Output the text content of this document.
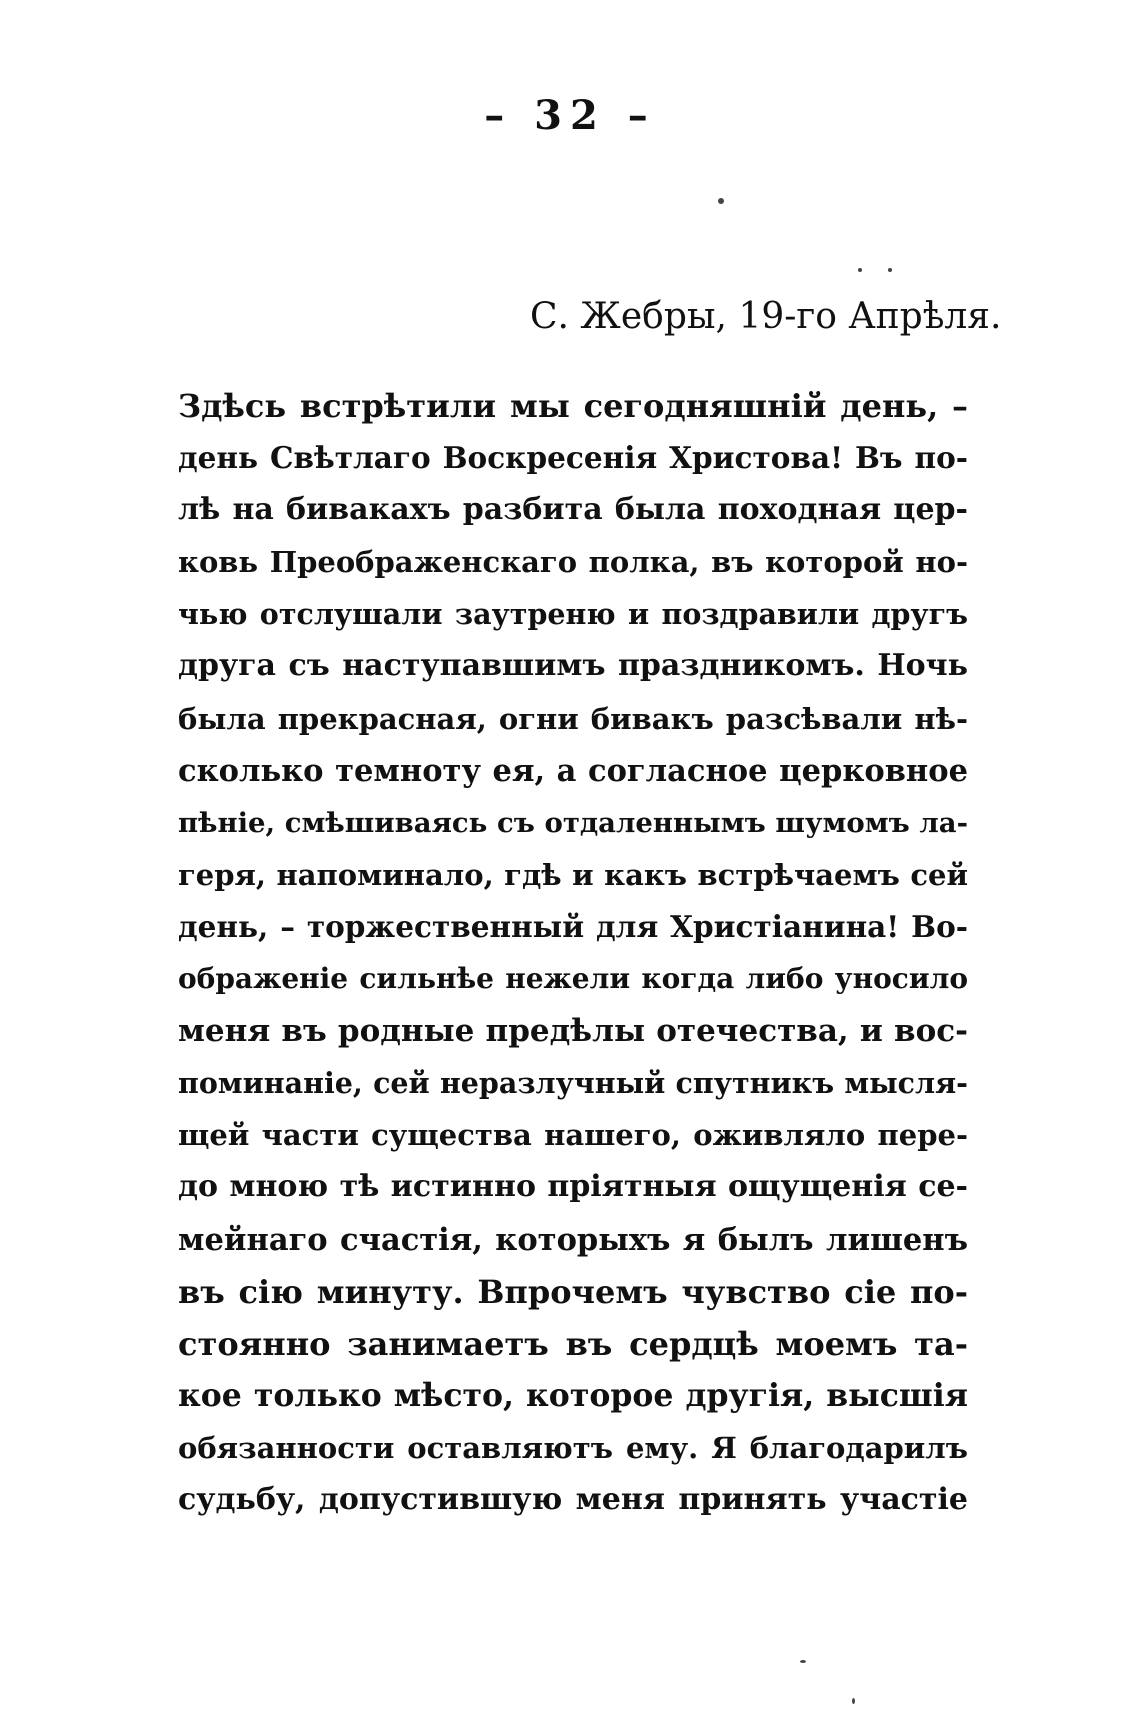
– 32 –
С. Жебры, 19-го Апрѣля.
Здѣсь встрѣтили мы сегодняшній день, –
день Свѣтлаго Воскресенія Христова! Въ по-
лѣ на бивакахъ разбита была походная цер-
ковь Преображенскаго полка, въ которой но-
чью отслушали заутреню и поздравили другъ
друга съ наступавшимъ праздникомъ. Ночь
была прекрасная, огни бивакъ разсѣвали нѣ-
сколько темноту ея, а согласное церковное
пѣніе, смѣшиваясь съ отдаленнымъ шумомъ ла-
геря, напоминало, гдѣ и какъ встрѣчаемъ сей
день, – торжественный для Христіанина! Во-
ображеніе сильнѣе нежели когда либо уносило
меня въ родные предѣлы отечества, и вос-
поминаніе, сей неразлучный спутникъ мысля-
щей части существа нашего, оживляло пере-
до мною тѣ истинно пріятныя ощущенія се-
мейнаго счастія, которыхъ я былъ лишенъ
въ сію минуту. Впрочемъ чувство сіе по-
стоянно занимаетъ въ сердцѣ моемъ та-
кое только мѣсто, которое другія, высшія
обязанности оставляютъ ему. Я благодарилъ
судьбу, допустившую меня принять участіе
